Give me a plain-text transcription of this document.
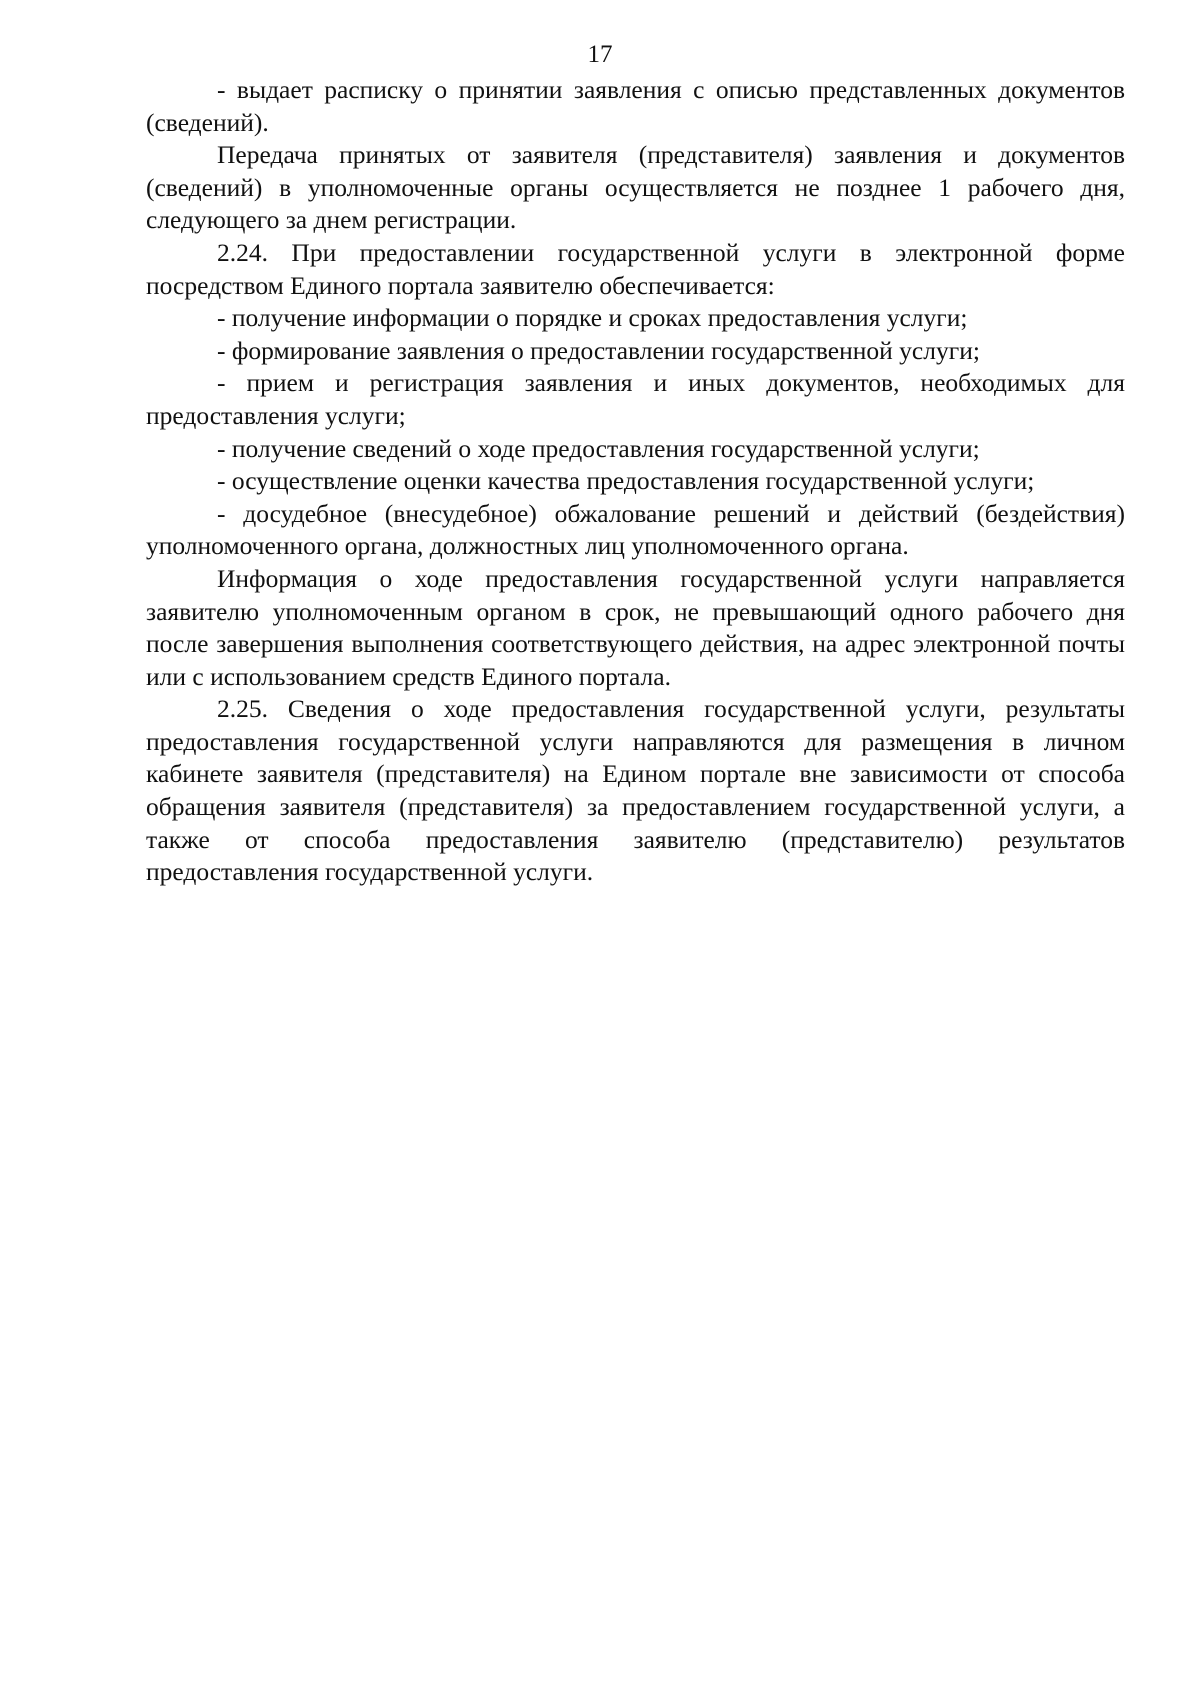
17

- выдает расписку о принятии заявления с описью представленных документов (сведений).

Передача принятых от заявителя (представителя) заявления и документов (сведений) в уполномоченные органы осуществляется не позднее 1 рабочего дня, следующего за днем регистрации.

2.24. При предоставлении государственной услуги в электронной форме посредством Единого портала заявителю обеспечивается:

- получение информации о порядке и сроках предоставления услуги;

- формирование заявления о предоставлении государственной услуги;

- прием и регистрация заявления и иных документов, необходимых для предоставления услуги;

- получение сведений о ходе предоставления государственной услуги;

- осуществление оценки качества предоставления государственной услуги;

- досудебное (внесудебное) обжалование решений и действий (бездействия) уполномоченного органа, должностных лиц уполномоченного органа.

Информация о ходе предоставления государственной услуги направляется заявителю уполномоченным органом в срок, не превышающий одного рабочего дня после завершения выполнения соответствующего действия, на адрес электронной почты или с использованием средств Единого портала.

2.25. Сведения о ходе предоставления государственной услуги, результаты предоставления государственной услуги направляются для размещения в личном кабинете заявителя (представителя) на Едином портале вне зависимости от способа обращения заявителя (представителя) за предоставлением государственной услуги, а также от способа предоставления заявителю (представителю) результатов предоставления государственной услуги.
